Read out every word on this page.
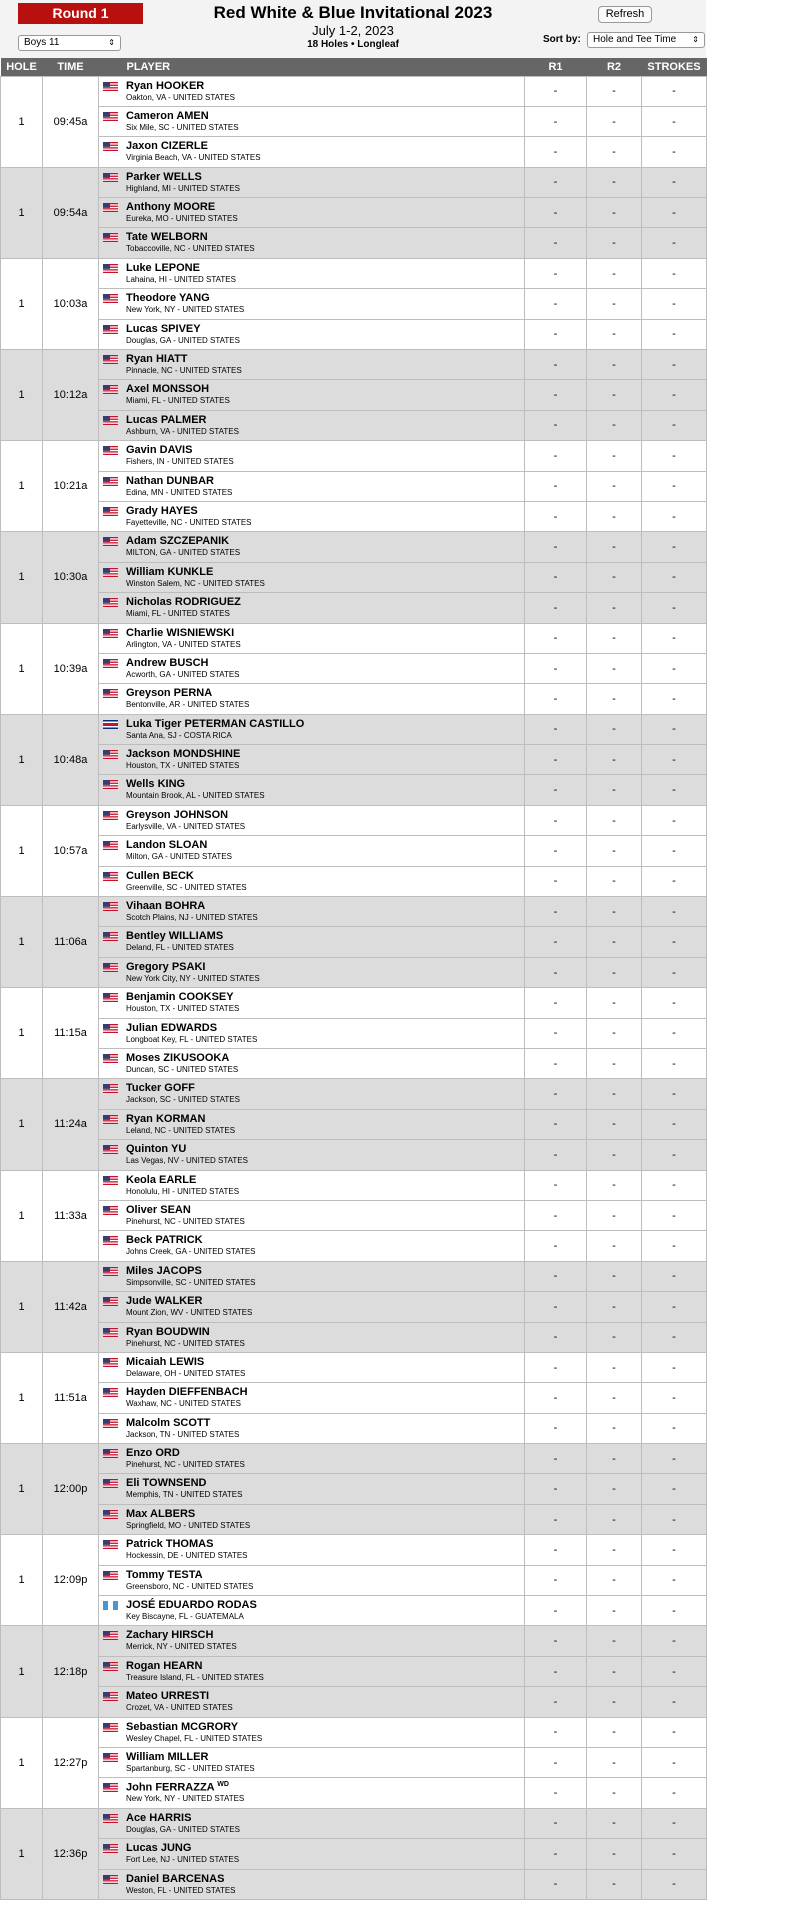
Round 1	Red White & Blue Invitational 2023
July 1-2, 2023
18 Holes • Longleaf
Refresh
Boys 11	⇕	Sort by:	Hole and Tee Time ⇕
HOLE	TIME	PLAYER	R1	R2	STROKES
1	09:45a	Ryan HOOKER
Oakton, VA - UNITED STATES	-	-	-

		Cameron AMEN
Six Mile, SC - UNITED STATES	-	-	-

		Jaxon CIZERLE
Virginia Beach, VA - UNITED STATES	-	-	-
1	09:54a	Parker WELLS
Highland, MI - UNITED STATES	-	-	-

		Anthony MOORE
Eureka, MO - UNITED STATES	-	-	-

		Tate WELBORN
Tobaccoville, NC - UNITED STATES	-	-	-
1	10:03a	Luke LEPONE
Lahaina, HI - UNITED STATES	-	-	-

		Theodore YANG
New York, NY - UNITED STATES	-	-	-

		Lucas SPIVEY
Douglas, GA - UNITED STATES	-	-	-
1	10:12a	Ryan HIATT
Pinnacle, NC - UNITED STATES	-	-	-

		Axel MONSSOH
Miami, FL - UNITED STATES	-	-	-

		Lucas PALMER
Ashburn, VA - UNITED STATES	-	-	-
1	10:21a	Gavin DAVIS
Fishers, IN - UNITED STATES	-	-	-

		Nathan DUNBAR
Edina, MN - UNITED STATES	-	-	-

		Grady HAYES
Fayetteville, NC - UNITED STATES	-	-	-
1	10:30a	Adam SZCZEPANIK
MILTON, GA - UNITED STATES	-	-	-

		William KUNKLE
Winston Salem, NC - UNITED STATES	-	-	-

		Nicholas RODRIGUEZ
Miami, FL - UNITED STATES	-	-	-
1	10:39a	Charlie WISNIEWSKI
Arlington, VA - UNITED STATES	-	-	-

		Andrew BUSCH
Acworth, GA - UNITED STATES	-	-	-

		Greyson PERNA
Bentonville, AR - UNITED STATES	-	-	-
1	10:48a	Luka Tiger PETERMAN CASTILLO
Santa Ana, SJ - COSTA RICA	-	-	-

		Jackson MONDSHINE
Houston, TX - UNITED STATES	-	-	-

		Wells KING
Mountain Brook, AL - UNITED STATES	-	-	-
1	10:57a	Greyson JOHNSON
Earlysville, VA - UNITED STATES	-	-	-

		Landon SLOAN
Milton, GA - UNITED STATES	-	-	-

		Cullen BECK
Greenville, SC - UNITED STATES	-	-	-
1	11:06a	Vihaan BOHRA
Scotch Plains, NJ - UNITED STATES	-	-	-

		Bentley WILLIAMS
Deland, FL - UNITED STATES	-	-	-

		Gregory PSAKI
New York City, NY - UNITED STATES	-	-	-
1	11:15a	Benjamin COOKSEY
Houston, TX - UNITED STATES	-	-	-

		Julian EDWARDS
Longboat Key, FL - UNITED STATES	-	-	-

		Moses ZIKUSOOKA
Duncan, SC - UNITED STATES	-	-	-
1	11:24a	Tucker GOFF
Jackson, SC - UNITED STATES	-	-	-

		Ryan KORMAN
Leland, NC - UNITED STATES	-	-	-

		Quinton YU
Las Vegas, NV - UNITED STATES	-	-	-
1	11:33a	Keola EARLE
Honolulu, HI - UNITED STATES	-	-	-

		Oliver SEAN
Pinehurst, NC - UNITED STATES	-	-	-

		Beck PATRICK
Johns Creek, GA - UNITED STATES	-	-	-
1	11:42a	Miles JACOPS
Simpsonville, SC - UNITED STATES	-	-	-

		Jude WALKER
Mount Zion, WV - UNITED STATES	-	-	-

		Ryan BOUDWIN
Pinehurst, NC - UNITED STATES	-	-	-
1	11:51a	Micaiah LEWIS
Delaware, OH - UNITED STATES	-	-	-

		Hayden DIEFFENBACH
Waxhaw, NC - UNITED STATES	-	-	-

		Malcolm SCOTT
Jackson, TN - UNITED STATES	-	-	-
1	12:00p	Enzo ORD
Pinehurst, NC - UNITED STATES	-	-	-

		Eli TOWNSEND
Memphis, TN - UNITED STATES	-	-	-

		Max ALBERS
Springfield, MO - UNITED STATES	-	-	-
1	12:09p	Patrick THOMAS
Hockessin, DE - UNITED STATES	-	-	-

		Tommy TESTA
Greensboro, NC - UNITED STATES	-	-	-

		JOSÉ EDUARDO RODAS
Key Biscayne, FL - GUATEMALA	-	-	-
1	12:18p	Zachary HIRSCH
Merrick, NY - UNITED STATES	-	-	-

		Rogan HEARN
Treasure Island, FL - UNITED STATES	-	-	-

		Mateo URRESTI
Crozet, VA - UNITED STATES	-	-	-
1	12:27p	Sebastian MCGRORY
Wesley Chapel, FL - UNITED STATES	-	-	-

		William MILLER
Spartanburg, SC - UNITED STATES	-	-	-

		John FERRAZZA $^{WD}$
New York, NY - UNITED STATES	-	-	-
1	12:36p	Ace HARRIS
Douglas, GA - UNITED STATES	-	-	-

		Lucas JUNG
Fort Lee, NJ - UNITED STATES	-	-	-

		Daniel BARCENAS
Weston, FL - UNITED STATES	-	-	-
